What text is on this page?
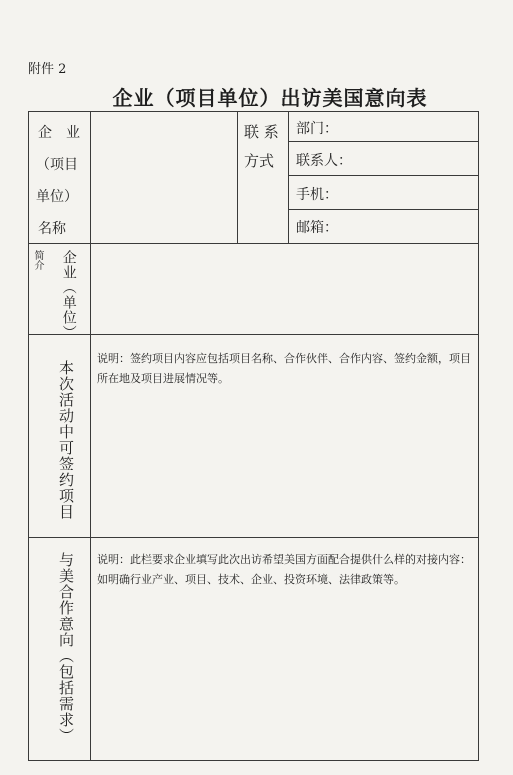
附件 2
企业（项目单位）出访美国意向表
企　业
（项目
单位）
名称
联 系
方式
部门：
联系人：
手机：
邮箱：
简介 企业（单位）
本次活动中可签约项目
说明：签约项目内容应包括项目名称、合作伙伴、合作内容、签约金额，项目所在地及项目进展情况等。
与美合作意向（包括需求） 说明：此栏要求企业填写此次出访希望美国方面配合提供什么样的对接内容：如明确行业产业、项目、技术、企业、投资环境、法律政策等。
